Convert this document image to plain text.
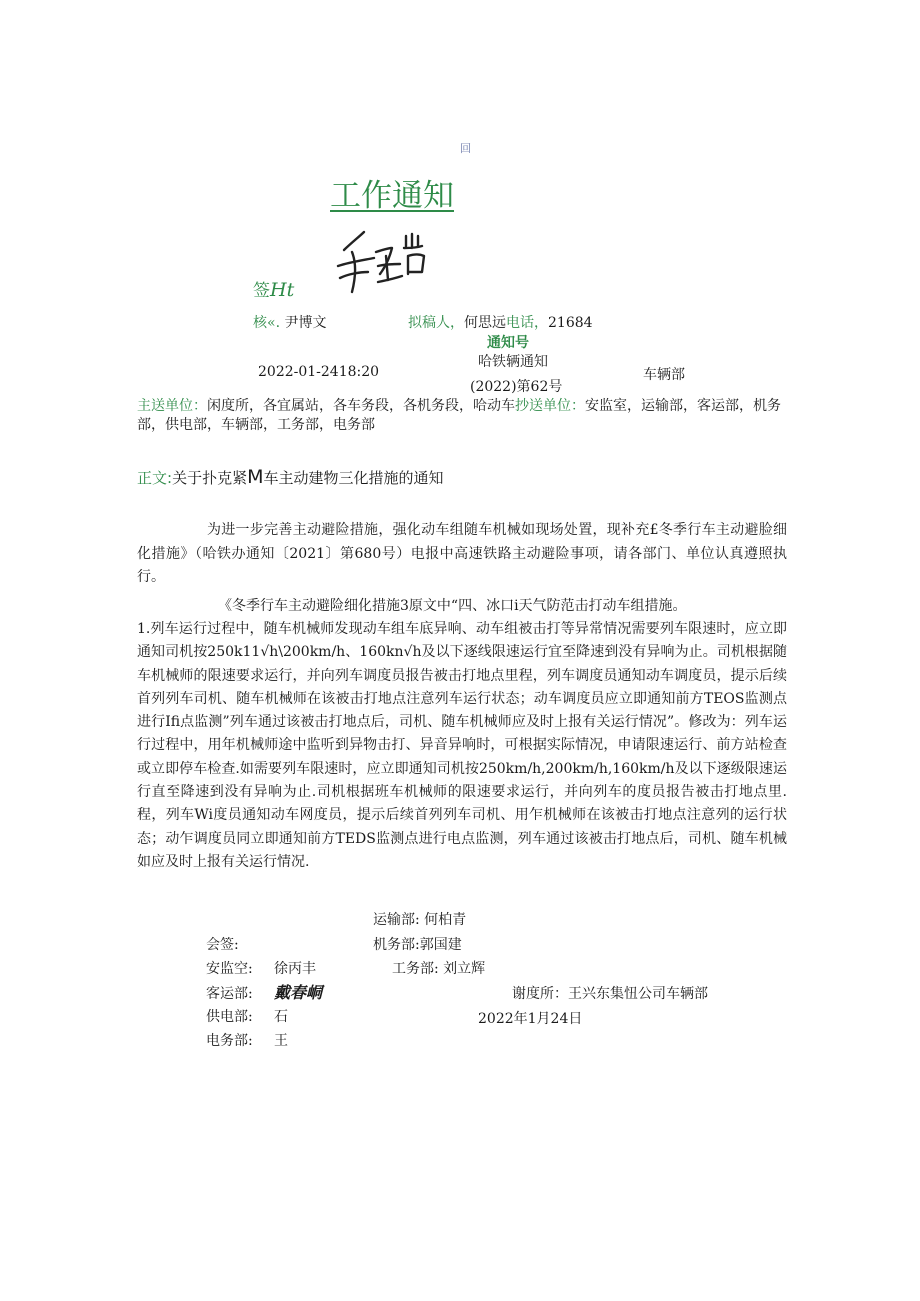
回
工作通知
签Ht
核«. 尹博文	拟稿人，何思远电话，21684
通知号
2022-01-2418:20
哈铁辆通知
(2022)第62号
车辆部
主送单位：闲度所，各宜属站，各车务段，各机务段，哈动车抄送单位：安监室，运输部，客运部，机务
部，供电部，车辆部，工务部，电务部
正文:关于扑克紧M车主动建物三化措施的通知

为进一步完善主动避险措施，强化动车组随车机械如现场处置，现补充£冬季行车主动避脸细化措施》（哈铁办通知〔2021〕第680号）电报中高速铁路主动避险事项，请各部门、单位认真遵照执行。

《冬季行车主动避险细化措施3原文中“四、冰口i天气防范击打动车组措施。

1.列车运行过程中，随车机械师发现动车组车底异响、动车组被击打等异常情况需要列车限速时，应立即通知司机按250k11√h\200km/h、160kn√h及以下逐线限速运行宜至降速到没有异响为止。司机根据随车机械师的限速要求运行，并向列车调度员报告被击打地点里程，列车调度员通知动车调度员，提示后续首列列车司机、随车机械师在该被击打地点注意列车运行状态；动车调度员应立即通知前方TEOS监测点进行Ifi点监测”列车通过该被击打地点后，司机、随车机械师应及时上报有关运行情况”。修改为：列车运行过程中，用年机械师途中监听到异物击打、异音异响时，可根据实际情况，申请限速运行、前方站检查或立即停车检查.如需要列车限速时，应立即通知司机按250km/h,200km/h,160km/h及以下逐级限速运行直至降速到没有异响为止.司机根据班车机械师的限速要求运行，并向列车的度员报告被击打地点里.程，列车Wi度员通知动车网度员，提示后续首列列车司机、用乍机械师在该被击打地点注意列的运行状态；动乍调度员同立即通知前方TEDS监测点进行电点监测，列车通过该被击打地点后，司机、随车机械如应及时上报有关运行情况.

运输部: 何柏青
会签:	机务部:郭国建
安监空: 徐丙丰	工务部: 刘立辉
客运部: 戴春峒	谢度所：王兴东集忸公司车辆部
供电部: 石	2022年1月24日
电务部: 王
